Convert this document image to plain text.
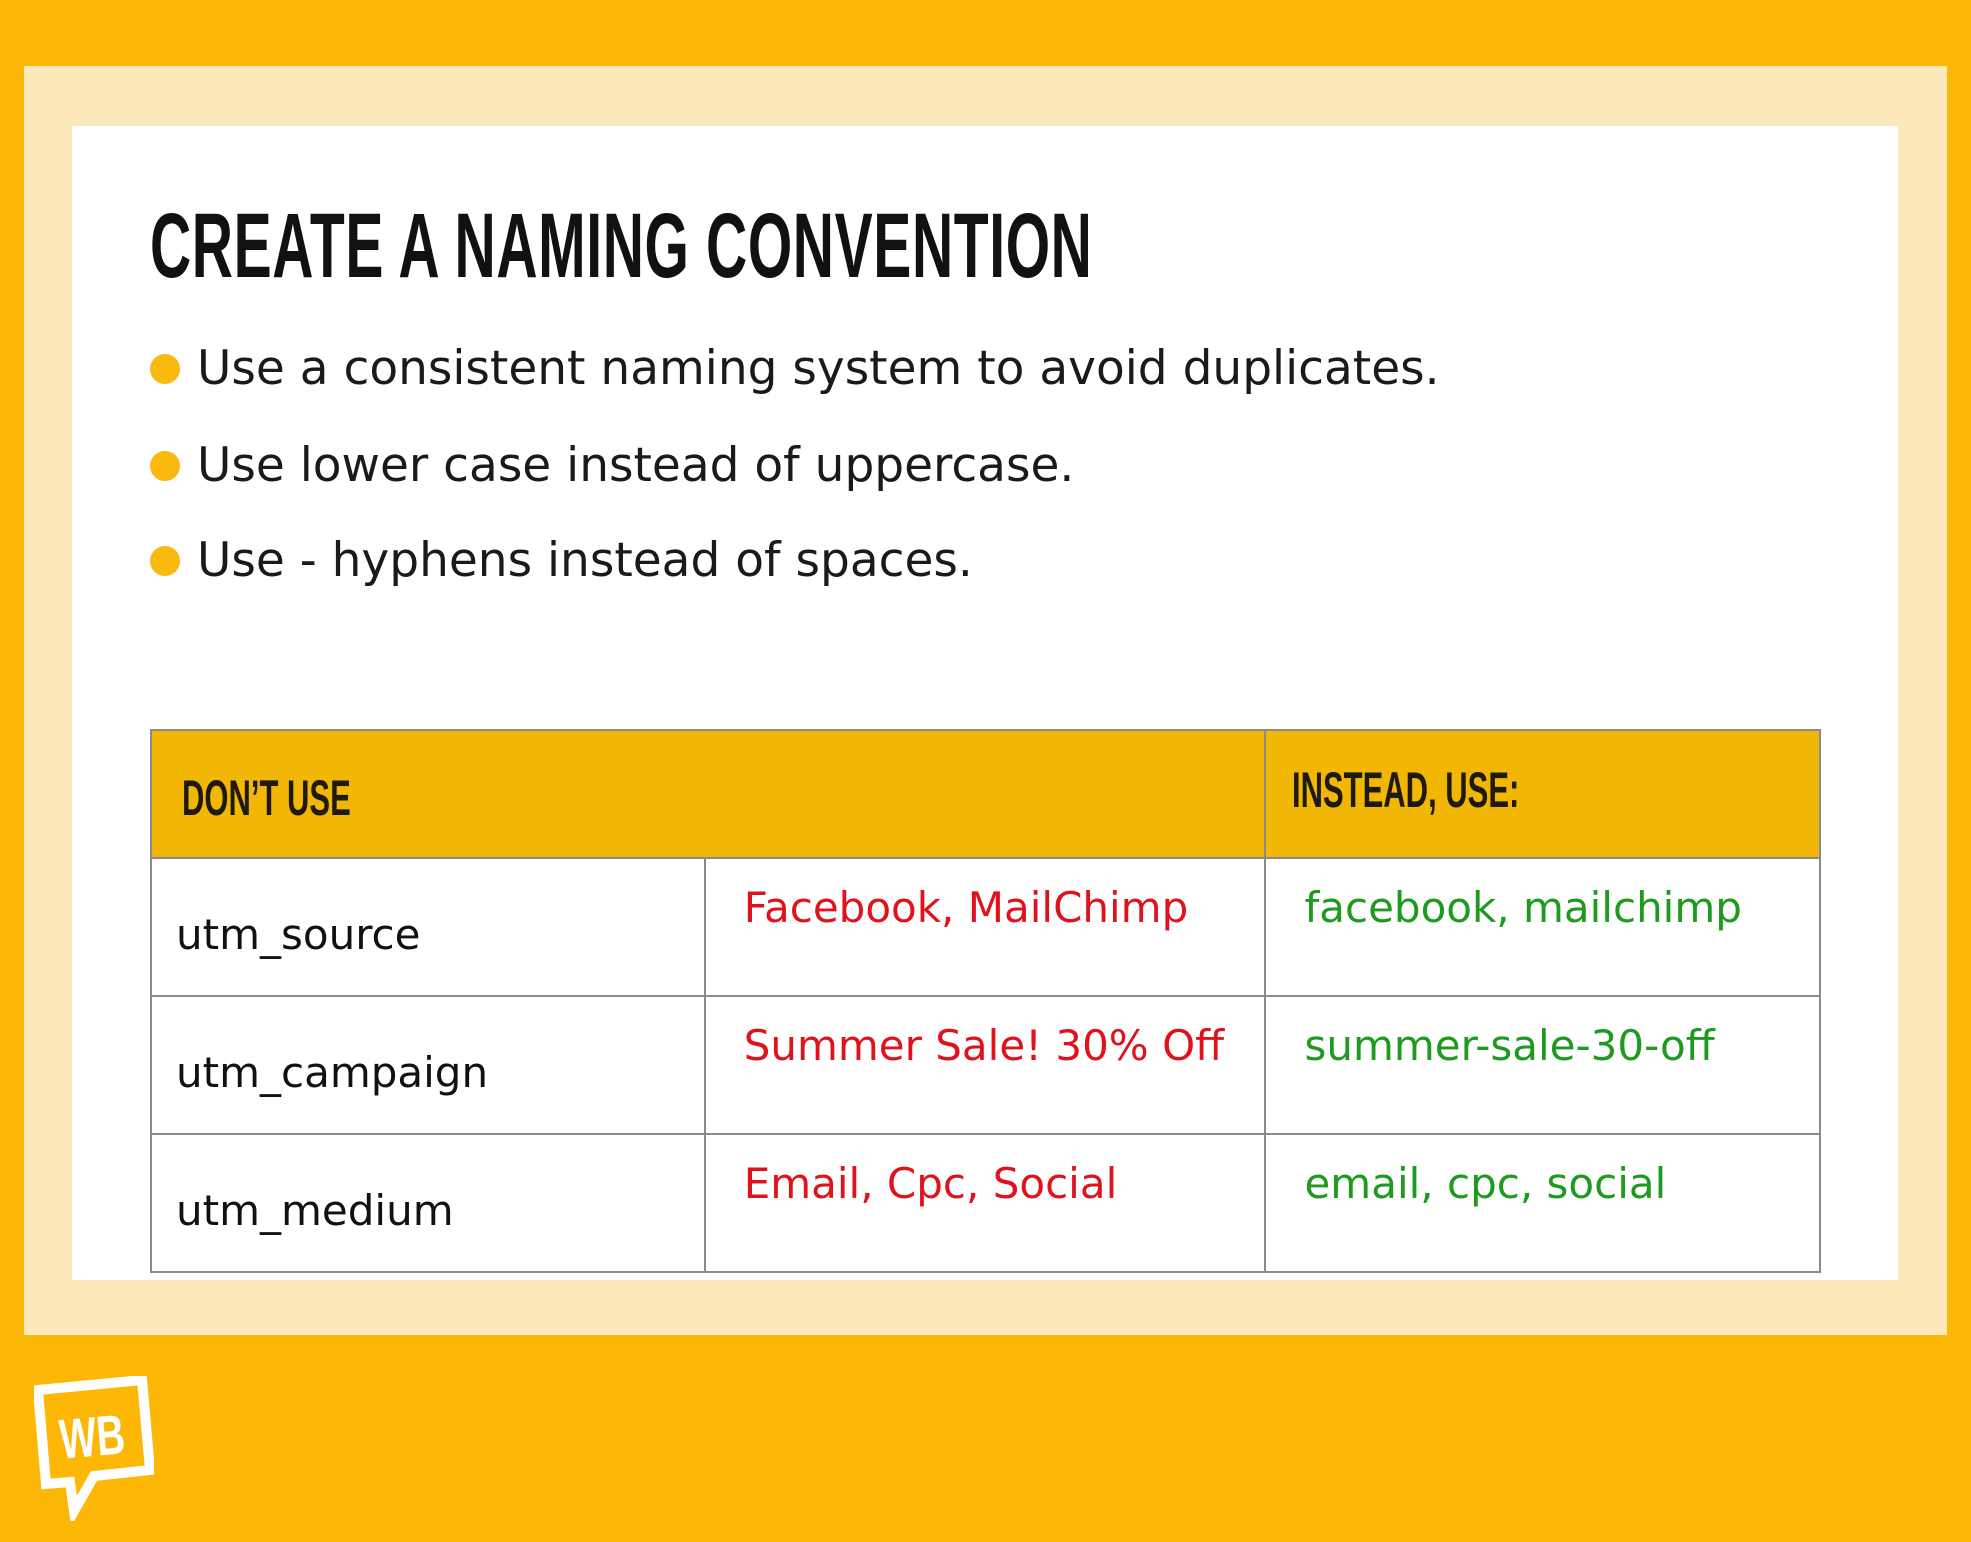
CREATE A NAMING CONVENTION
Use a consistent naming system to avoid duplicates.
Use lower case instead of uppercase.
Use - hyphens instead of spaces.
DON’T USE		INSTEAD, USE:
utm_source	Facebook, MailChimp	facebook, mailchimp
utm_campaign	Summer Sale! 30% Off	summer-sale-30-off
utm_medium	Email, Cpc, Social	email, cpc, social
WB
